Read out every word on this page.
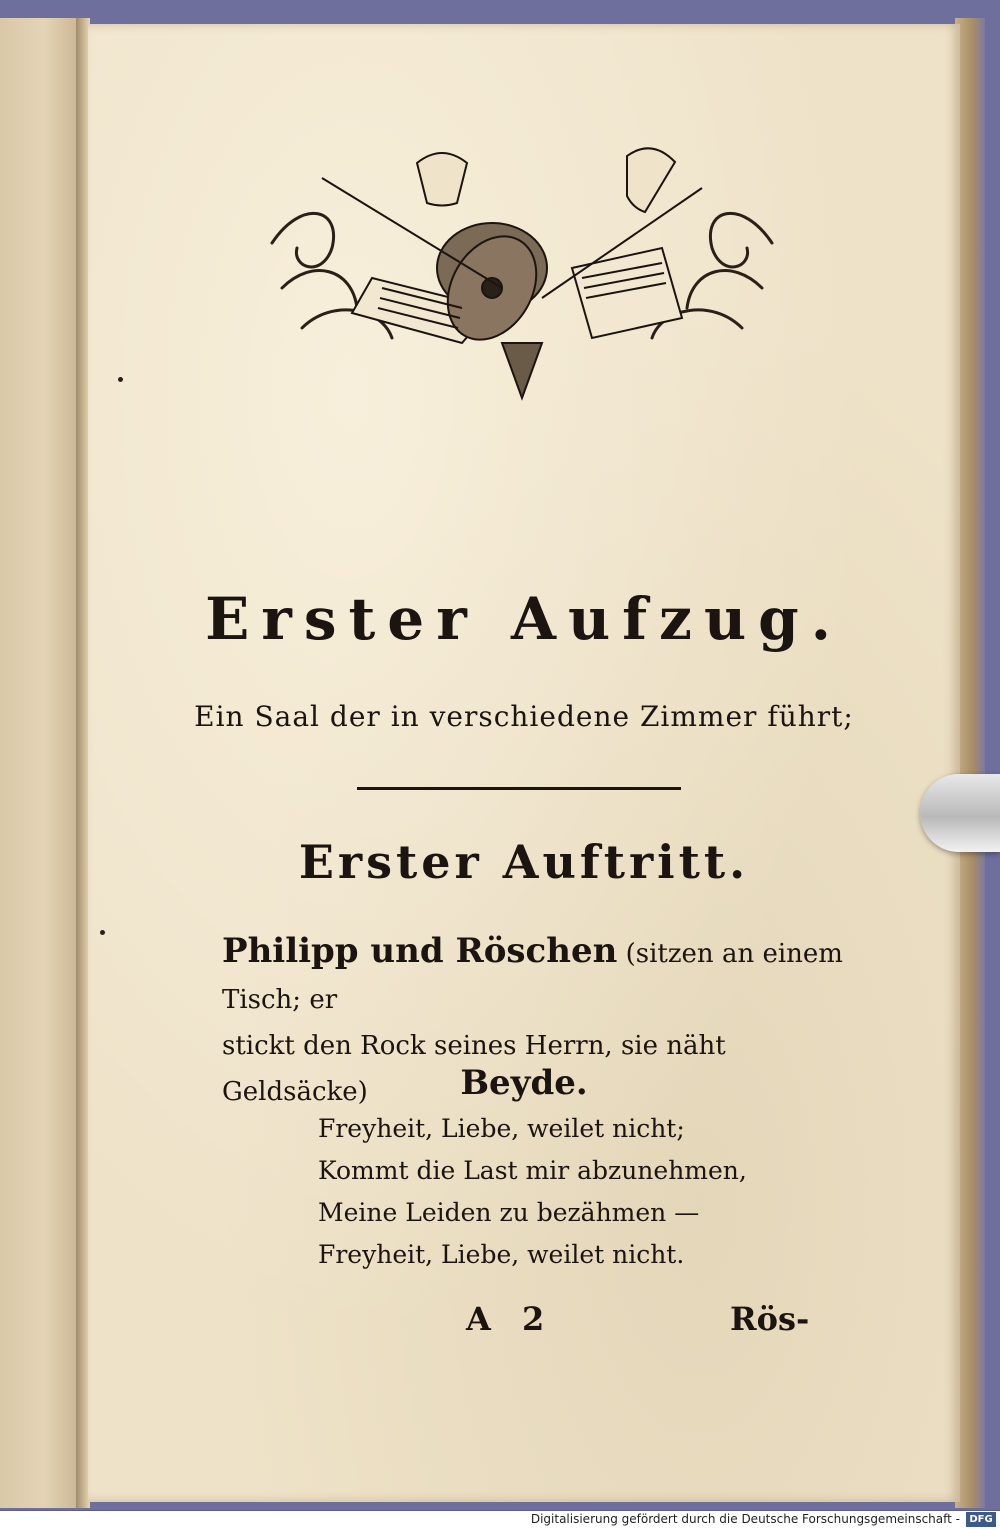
Erster Aufzug.
Ein Saal der in verschiedene Zimmer führt;
Erster Auftritt.
Philipp und Röschen (sitzen an einem Tisch; er
stickt den Rock seines Herrn, sie näht Geldsäcke)	Beyde.
Freyheit, Liebe, weilet nicht;
Kommt die Last mir abzunehmen,
Meine Leiden zu bezähmen —
Freyheit, Liebe, weilet nicht.
A 2	Rös-
Digitalisierung gefördert durch die Deutsche Forschungsgemeinschaft - DFG
